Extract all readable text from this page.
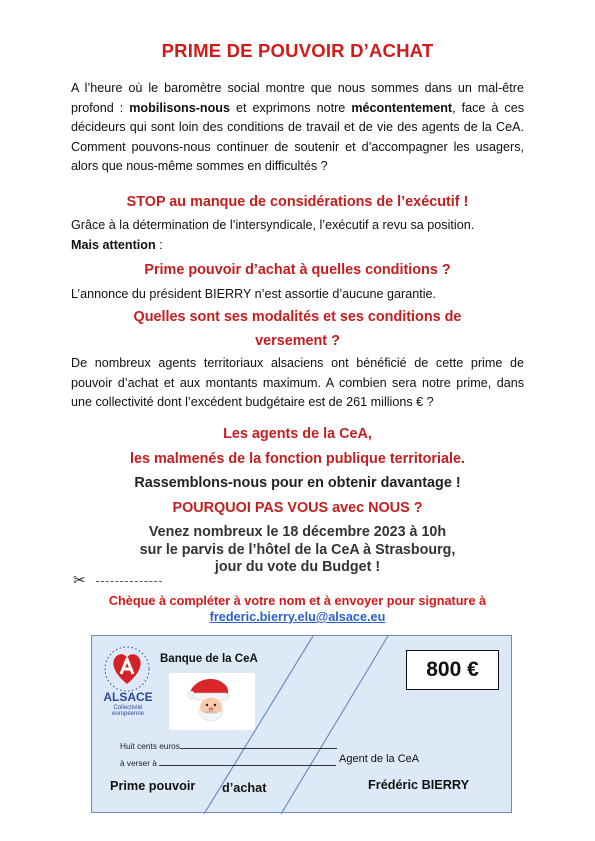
PRIME DE POUVOIR D’ACHAT
A l’heure où le baromètre social montre que nous sommes dans un mal-être profond : mobilisons-nous et exprimons notre mécontentement, face à ces décideurs qui sont loin des conditions de travail et de vie des agents de la CeA. Comment pouvons-nous continuer de soutenir et d’accompagner les usagers, alors que nous-même sommes en difficultés ?
STOP au manque de considérations de l’exécutif !
Grâce à la détermination de l’intersyndicale, l’exécutif a revu sa position.
Mais attention :
Prime pouvoir d’achat à quelles conditions ?
L’annonce du président BIERRY n’est assortie d’aucune garantie.
Quelles sont ses modalités et ses conditions de
versement ?
De nombreux agents territoriaux alsaciens ont bénéficié de cette prime de pouvoir d’achat et aux montants maximum. A combien sera notre prime, dans une collectivité dont l’excédent budgétaire est de 261 millions € ?
Les agents de la CeA,
les malmenés de la fonction publique territoriale.
Rassemblons-nous pour en obtenir davantage !
POURQUOI PAS VOUS avec NOUS ?
Venez nombreux le 18 décembre 2023 à 10h
sur le parvis de l’hôtel de la CeA à Strasbourg,
jour du vote du Budget !
✂
Chèque à compléter à votre nom et à envoyer pour signature à
frederic.bierry.elu@alsace.eu
ALSACE
Collectivité
européenne
Banque de la CeA	800 €
Huit cents euros
à verser à	Agent de la CeA
Prime pouvoir d’achat	Frédéric BIERRY
